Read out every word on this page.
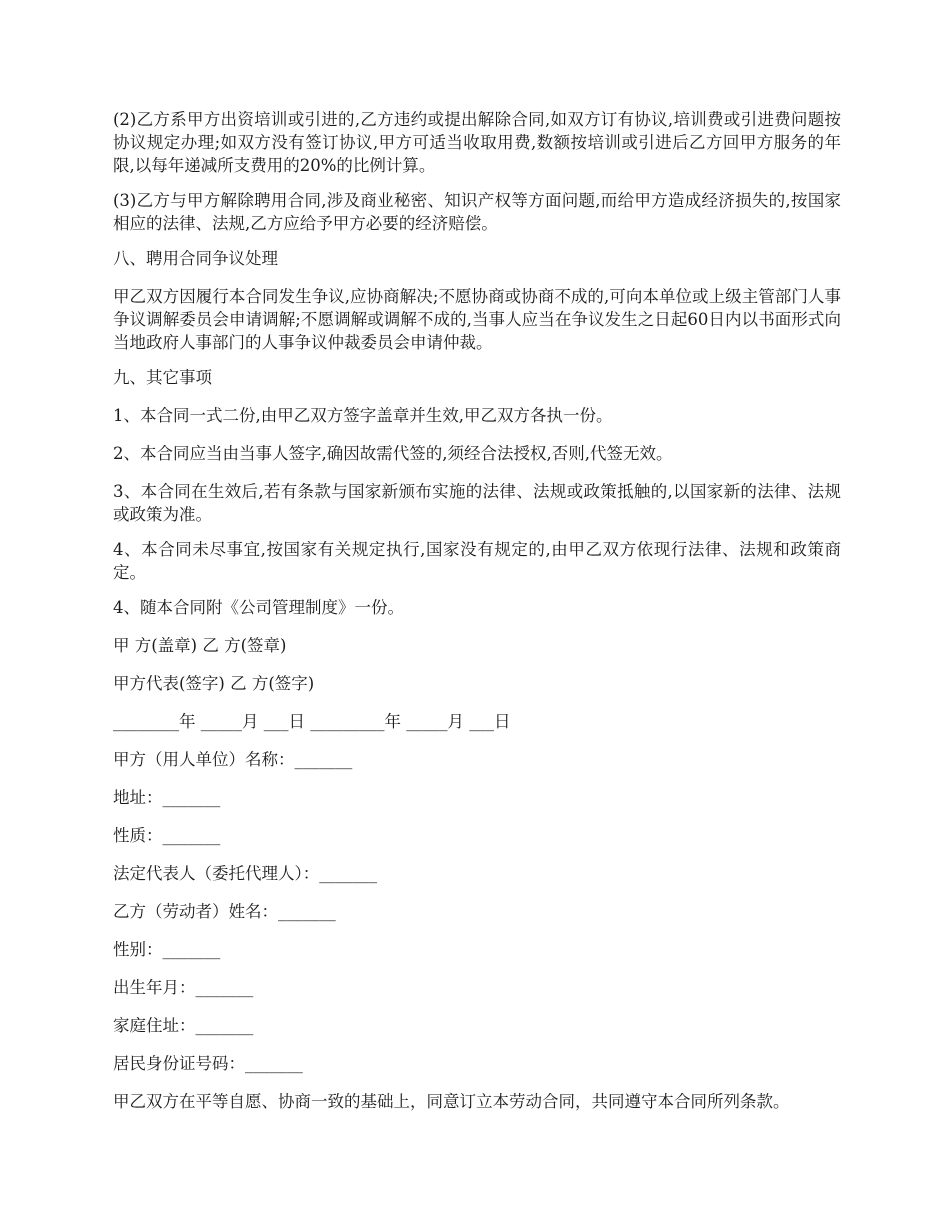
(2)乙方系甲方出资培训或引进的,乙方违约或提出解除合同,如双方订有协议,培训费或引进费问题按协议规定办理;如双方没有签订协议,甲方可适当收取用费,数额按培训或引进后乙方回甲方服务的年限,以每年递减所支费用的20%的比例计算。

(3)乙方与甲方解除聘用合同,涉及商业秘密、知识产权等方面问题,而给甲方造成经济损失的,按国家相应的法律、法规,乙方应给予甲方必要的经济赔偿。

八、聘用合同争议处理

甲乙双方因履行本合同发生争议,应协商解决;不愿协商或协商不成的,可向本单位或上级主管部门人事争议调解委员会申请调解;不愿调解或调解不成的,当事人应当在争议发生之日起60日内以书面形式向当地政府人事部门的人事争议仲裁委员会申请仲裁。

九、其它事项

1、本合同一式二份,由甲乙双方签字盖章并生效,甲乙双方各执一份。

2、本合同应当由当事人签字,确因故需代签的,须经合法授权,否则,代签无效。

3、本合同在生效后,若有条款与国家新颁布实施的法律、法规或政策抵触的,以国家新的法律、法规或政策为准。

4、本合同未尽事宜,按国家有关规定执行,国家没有规定的,由甲乙双方依现行法律、法规和政策商定。

4、随本合同附《公司管理制度》一份。

甲 方(盖章) 乙 方(签章)

甲方代表(签字) 乙 方(签字)

________年 _____月 ___日 _________年 _____月 ___日

甲方（用人单位）名称：_______

地址：_______

性质：_______

法定代表人（委托代理人）：_______

乙方（劳动者）姓名：_______

性别：_______

出生年月：_______

家庭住址：_______

居民身份证号码：_______

甲乙双方在平等自愿、协商一致的基础上，同意订立本劳动合同，共同遵守本合同所列条款。
